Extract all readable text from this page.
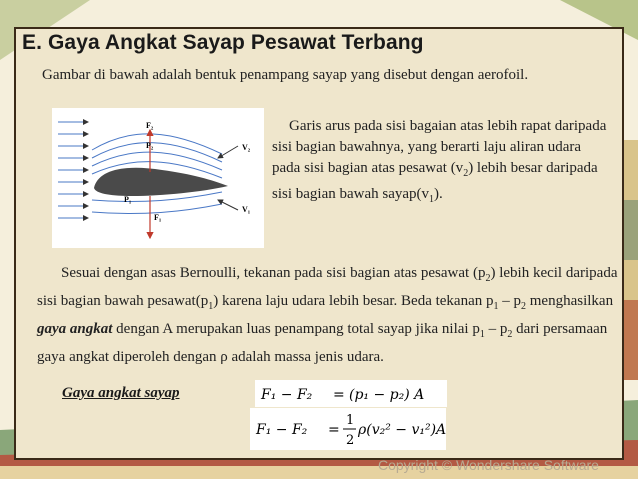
E. Gaya Angkat Sayap Pesawat Terbang
Gambar di bawah adalah bentuk penampang sayap yang disebut dengan aerofoil.
F₂
P₂	V₂
P₁
F₁
V₁
Garis arus pada sisi bagaian atas lebih rapat daripada sisi bagian bawahnya, yang berarti laju aliran udara pada sisi bagian atas pesawat $(v_2)$ lebih besar daripada sisi bagian bawah $sayap(v_1)$.
Sesuai dengan asas Bernoulli, tekanan pada sisi bagian atas pesawat $(p_2)$ lebih kecil daripada sisi bagian bawah $pesawat(p_1)$ karena laju udara lebih besar. Beda tekanan $p_1 - p_2$ menghasilkan gaya angkat dengan A merupakan luas penampang total sayap jika nilai $p_1 - p_2$ dari persamaan gaya angkat diperoleh dengan ρ adalah massa jenis udara.
Gaya angkat sayap	F₁ − F₂ = (p₁ − p₂) A
F₁ − F₂ =
1
2
ρ(v₂² − v₁²)A
Copyright © Wondershare Software
